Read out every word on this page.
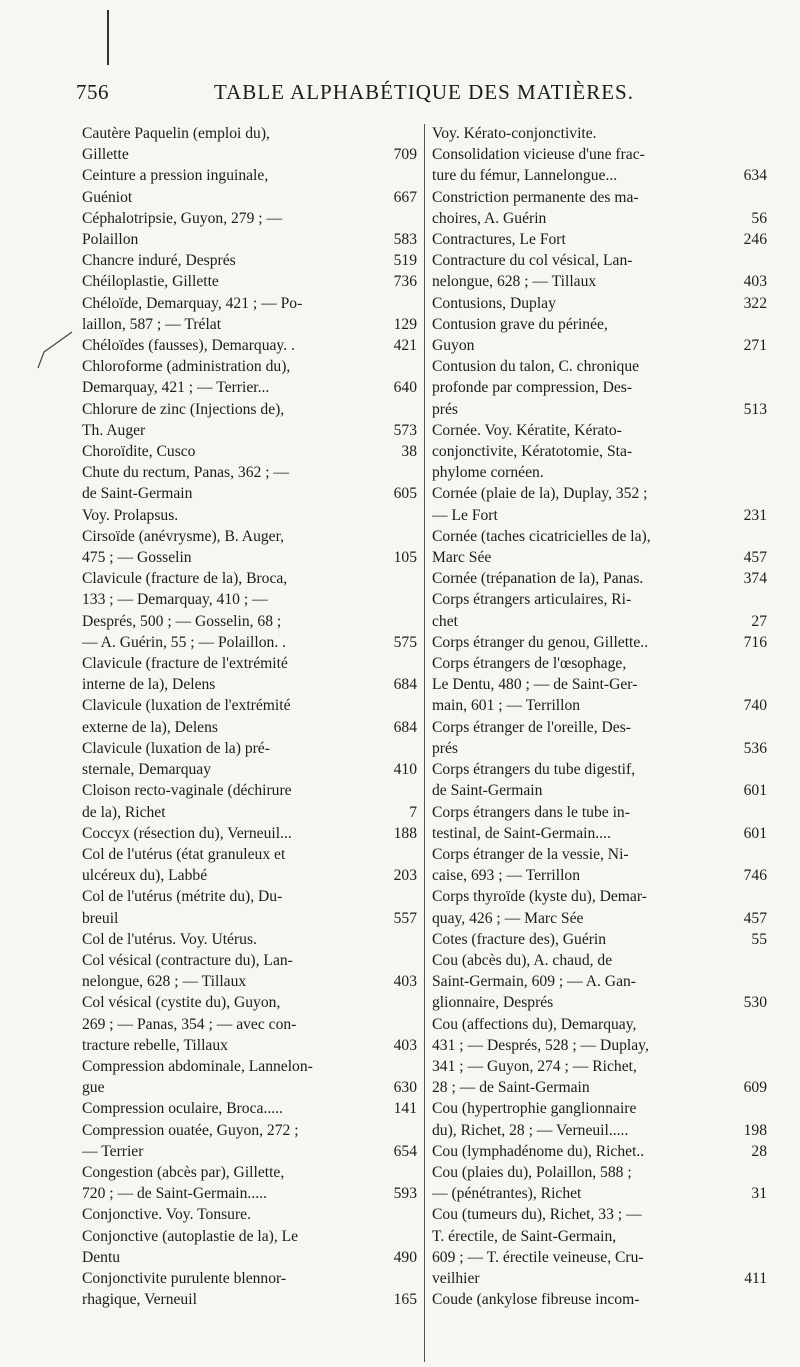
756	TABLE ALPHABÉTIQUE DES MATIÈRES.
Cautère Paquelin (emploi du),
709
Gillette
Ceinture a pression inguinale,
667
Guéniot
Céphalotripsie, Guyon, 279 ; —
583
Polaillon
519
Chancre induré, Després
736
Chéiloplastie, Gillette
Chéloïde, Demarquay, 421 ; — Po-
129
laillon, 587 ; — Trélat
421
Chéloïdes (fausses), Demarquay. .
Chloroforme (administration du),
640
Demarquay, 421 ; — Terrier...
Chlorure de zinc (Injections de),
573
Th. Auger
38
Choroïdite, Cusco
Chute du rectum, Panas, 362 ; —
605
de Saint-Germain
Voy. Prolapsus.
Cirsoïde (anévrysme), B. Auger,
105
475 ; — Gosselin
Clavicule (fracture de la), Broca,
133 ; — Demarquay, 410 ; —
Després, 500 ; — Gosselin, 68 ;
575
— A. Guérin, 55 ; — Polaillon. .
Clavicule (fracture de l'extrémité
684
interne de la), Delens
Clavicule (luxation de l'extrémité
684
externe de la), Delens
Clavicule (luxation de la) pré-
410
sternale, Demarquay
Cloison recto-vaginale (déchirure
7
de la), Richet
188
Coccyx (résection du), Verneuil...
Col de l'utérus (état granuleux et
203
ulcéreux du), Labbé
Col de l'utérus (métrite du), Du-
557
breuil
Col de l'utérus. Voy. Utérus.
Col vésical (contracture du), Lan-
403
nelongue, 628 ; — Tillaux
Col vésical (cystite du), Guyon,
269 ; — Panas, 354 ; — avec con-
403
tracture rebelle, Tillaux
Compression abdominale, Lannelon-
630
gue
141
Compression oculaire, Broca.....
Compression ouatée, Guyon, 272 ;
654
— Terrier
Congestion (abcès par), Gillette,
593
720 ; — de Saint-Germain.....
Conjonctive. Voy. Tonsure.
Conjonctive (autoplastie de la), Le
490
Dentu
Conjonctivite purulente blennor-
165
rhagique, Verneuil
Voy. Kérato-conjonctivite.
Consolidation vicieuse d'une frac-
634
ture du fémur, Lannelongue...
Constriction permanente des ma-
56
choires, A. Guérin
246
Contractures, Le Fort
Contracture du col vésical, Lan-
403
nelongue, 628 ; — Tillaux
322
Contusions, Duplay
Contusion grave du périnée,
271
Guyon
Contusion du talon, C. chronique
profonde par compression, Des-
513
prés
Cornée. Voy. Kératite, Kérato-
conjonctivite, Kératotomie, Sta-
phylome cornéen.
Cornée (plaie de la), Duplay, 352 ;
231
— Le Fort
Cornée (taches cicatricielles de la),
457
Marc Sée
374
Cornée (trépanation de la), Panas.
Corps étrangers articulaires, Ri-
27
chet
716
Corps étranger du genou, Gillette..
Corps étrangers de l'œsophage,
Le Dentu, 480 ; — de Saint-Ger-
740
main, 601 ; — Terrillon
Corps étranger de l'oreille, Des-
536
prés
Corps étrangers du tube digestif,
601
de Saint-Germain
Corps étrangers dans le tube in-
601
testinal, de Saint-Germain....
Corps étranger de la vessie, Ni-
746
caise, 693 ; — Terrillon
Corps thyroïde (kyste du), Demar-
457
quay, 426 ; — Marc Sée
55
Cotes (fracture des), Guérin
Cou (abcès du), A. chaud, de
Saint-Germain, 609 ; — A. Gan-
530
glionnaire, Després
Cou (affections du), Demarquay,
431 ; — Després, 528 ; — Duplay,
341 ; — Guyon, 274 ; — Richet,
609
28 ; — de Saint-Germain
Cou (hypertrophie ganglionnaire
198
du), Richet, 28 ; — Verneuil.....
28
Cou (lymphadénome du), Richet..
Cou (plaies du), Polaillon, 588 ;
31
— (pénétrantes), Richet
Cou (tumeurs du), Richet, 33 ; —
T. érectile, de Saint-Germain,
609 ; — T. érectile veineuse, Cru-
411
veilhier
Coude (ankylose fibreuse incom-
